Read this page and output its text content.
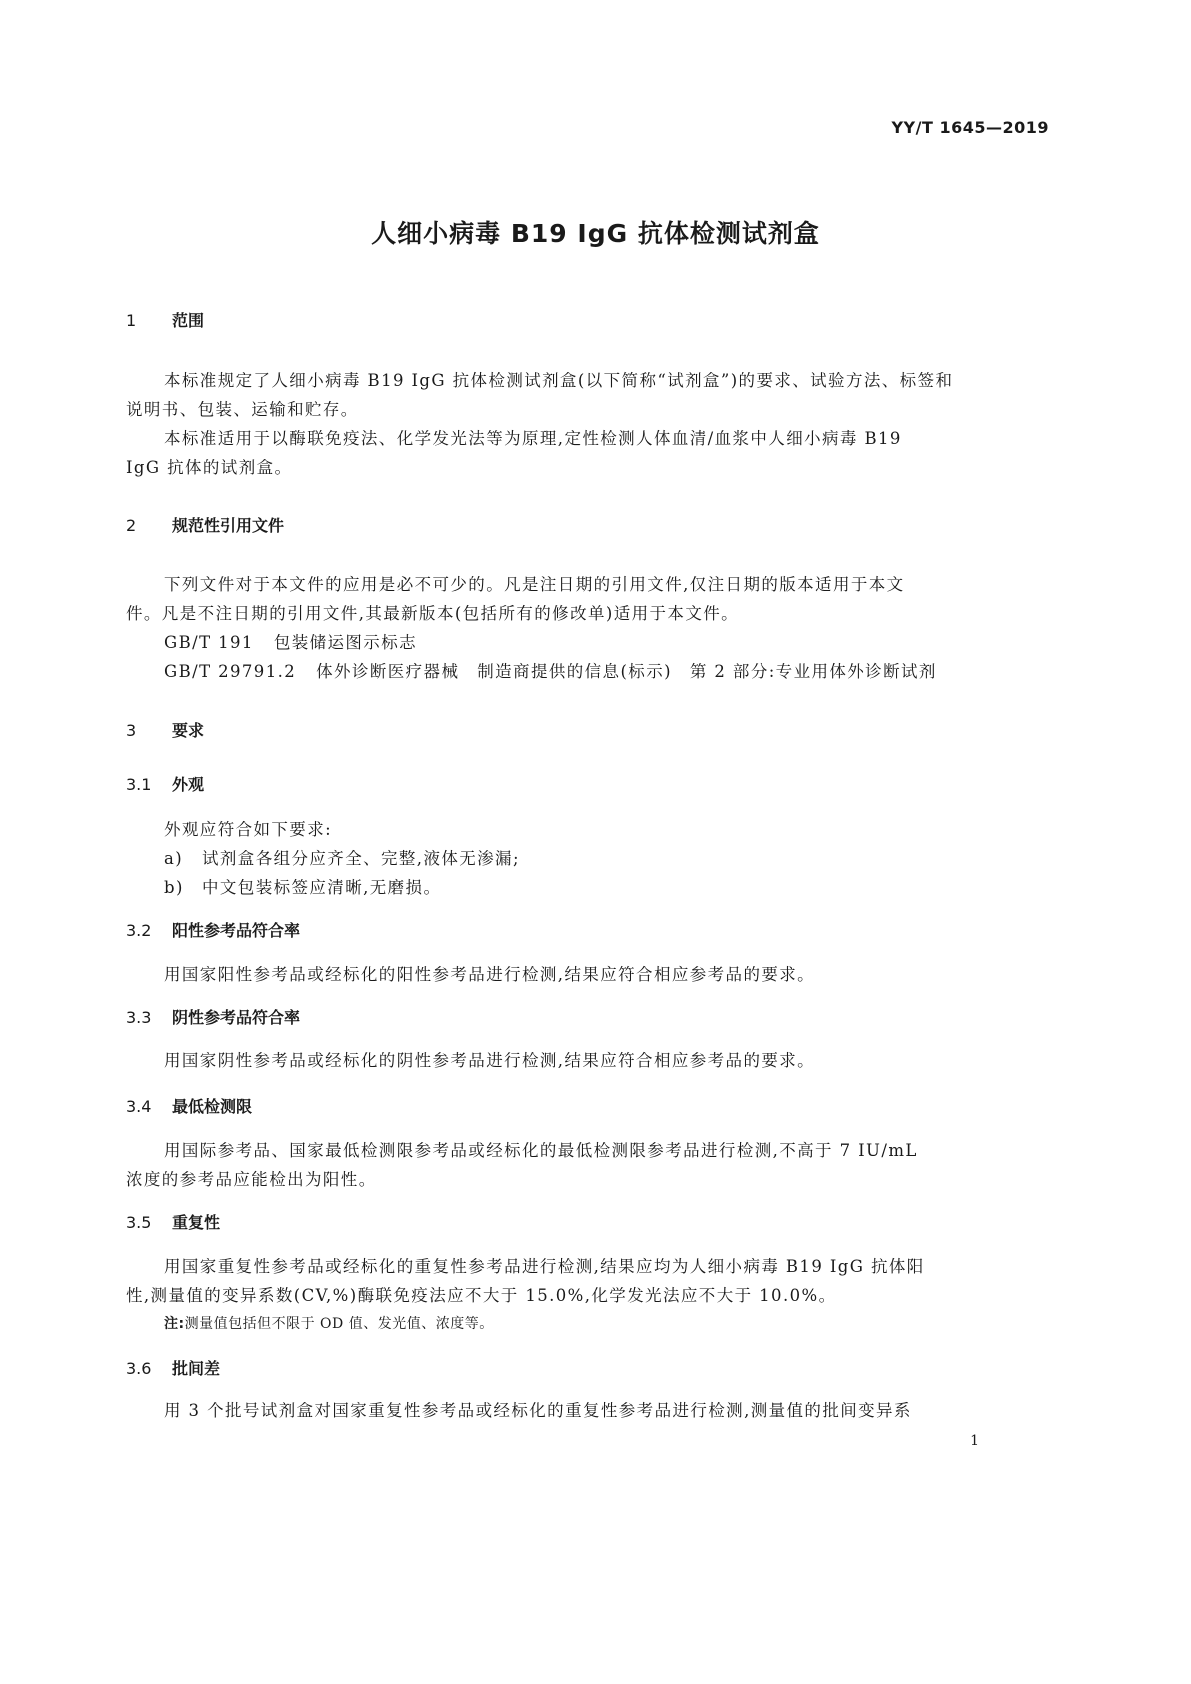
YY/T 1645—2019
人细小病毒 B19 IgG 抗体检测试剂盒
1 范围
本标准规定了人细小病毒 B19 IgG 抗体检测试剂盒(以下简称“试剂盒”)的要求、试验方法、标签和
说明书、包装、运输和贮存。
本标准适用于以酶联免疫法、化学发光法等为原理,定性检测人体血清/血浆中人细小病毒 B19
IgG 抗体的试剂盒。
2 规范性引用文件
下列文件对于本文件的应用是必不可少的。凡是注日期的引用文件,仅注日期的版本适用于本文
件。凡是不注日期的引用文件,其最新版本(包括所有的修改单)适用于本文件。
GB/T 191 包装储运图示标志
GB/T 29791.2 体外诊断医疗器械　制造商提供的信息(标示)　第 2 部分:专业用体外诊断试剂
3 要求
3.1 外观
外观应符合如下要求:
a) 试剂盒各组分应齐全、完整,液体无渗漏;
b) 中文包装标签应清晰,无磨损。
3.2 阳性参考品符合率
用国家阳性参考品或经标化的阳性参考品进行检测,结果应符合相应参考品的要求。
3.3 阴性参考品符合率
用国家阴性参考品或经标化的阴性参考品进行检测,结果应符合相应参考品的要求。
3.4 最低检测限
用国际参考品、国家最低检测限参考品或经标化的最低检测限参考品进行检测,不高于 7 IU/mL
浓度的参考品应能检出为阳性。
3.5 重复性
用国家重复性参考品或经标化的重复性参考品进行检测,结果应均为人细小病毒 B19 IgG 抗体阳
性,测量值的变异系数(CV,%)酶联免疫法应不大于 15.0%,化学发光法应不大于 10.0%。
注:测量值包括但不限于 OD 值、发光值、浓度等。
3.6 批间差
用 3 个批号试剂盒对国家重复性参考品或经标化的重复性参考品进行检测,测量值的批间变异系
1
